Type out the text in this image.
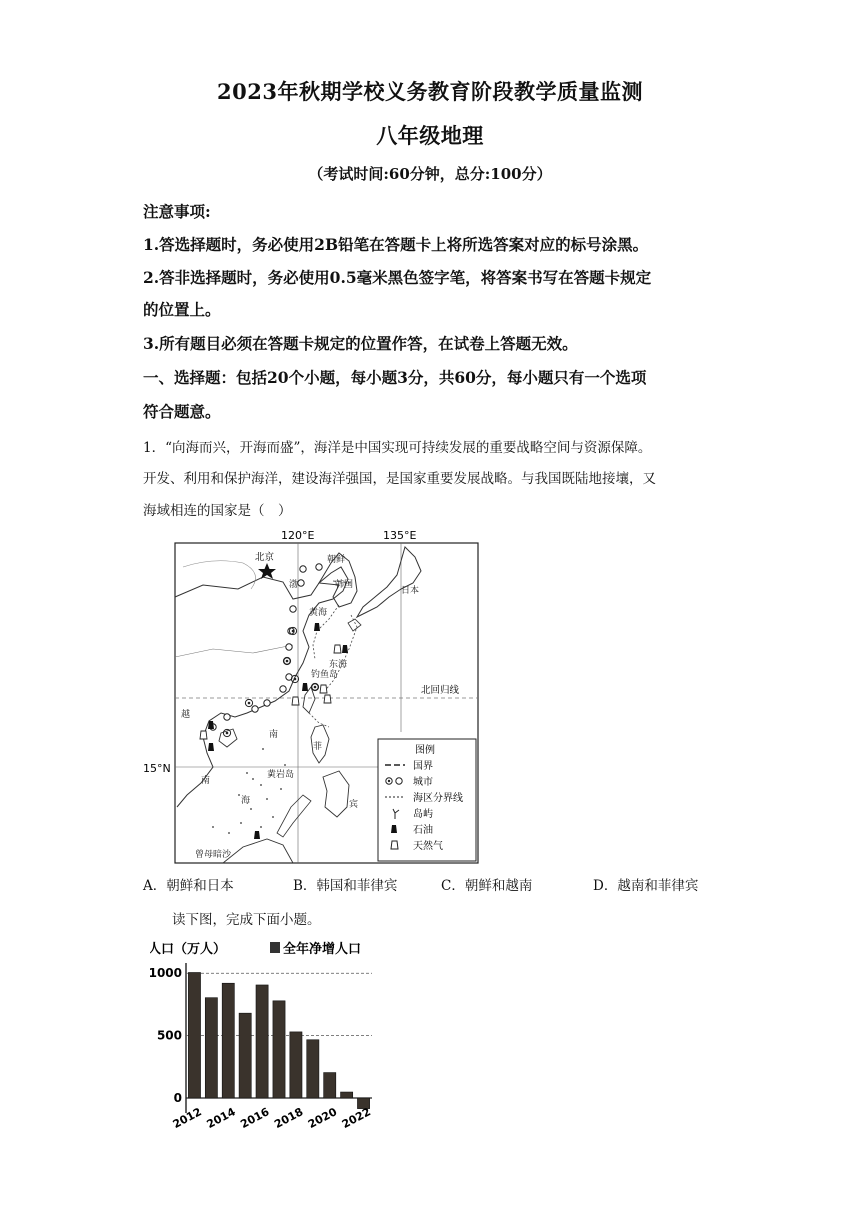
2023年秋期学校义务教育阶段教学质量监测
八年级地理
（考试时间:60分钟，总分:100分）
注意事项:
1.答选择题时，务必使用2B铅笔在答题卡上将所选答案对应的标号涂黑。
2.答非选择题时，务必使用0.5毫米黑色签字笔，将答案书写在答题卡规定
的位置上。
3.所有题目必须在答题卡规定的位置作答，在试卷上答题无效。
一、选择题：包括20个小题，每小题3分，共60分，每小题只有一个选项
符合题意。
1．“向海而兴，开海而盛”，海洋是中国实现可持续发展的重要战略空间与资源保障。
开发、利用和保护海洋，建设海洋强国，是国家重要发展战略。与我国既陆地接壤，又
海域相连的国家是（　）
120°E	135°E
15°N
北回归线
北京	朝鲜
韩国
日本
渤
黄海
东海
钓鱼岛
越
南
南
菲
宾
海
黄岩岛
曾母暗沙
图例
国界
城市
海区分界线
岛屿
石油
天然气
A．朝鲜和日本	B．韩国和菲律宾	C．朝鲜和越南	D．越南和菲律宾
读下图，完成下面小题。
人口（万人）	全年净增人口
0
500
1000
2012 2014 2016 2018 2020 2022
